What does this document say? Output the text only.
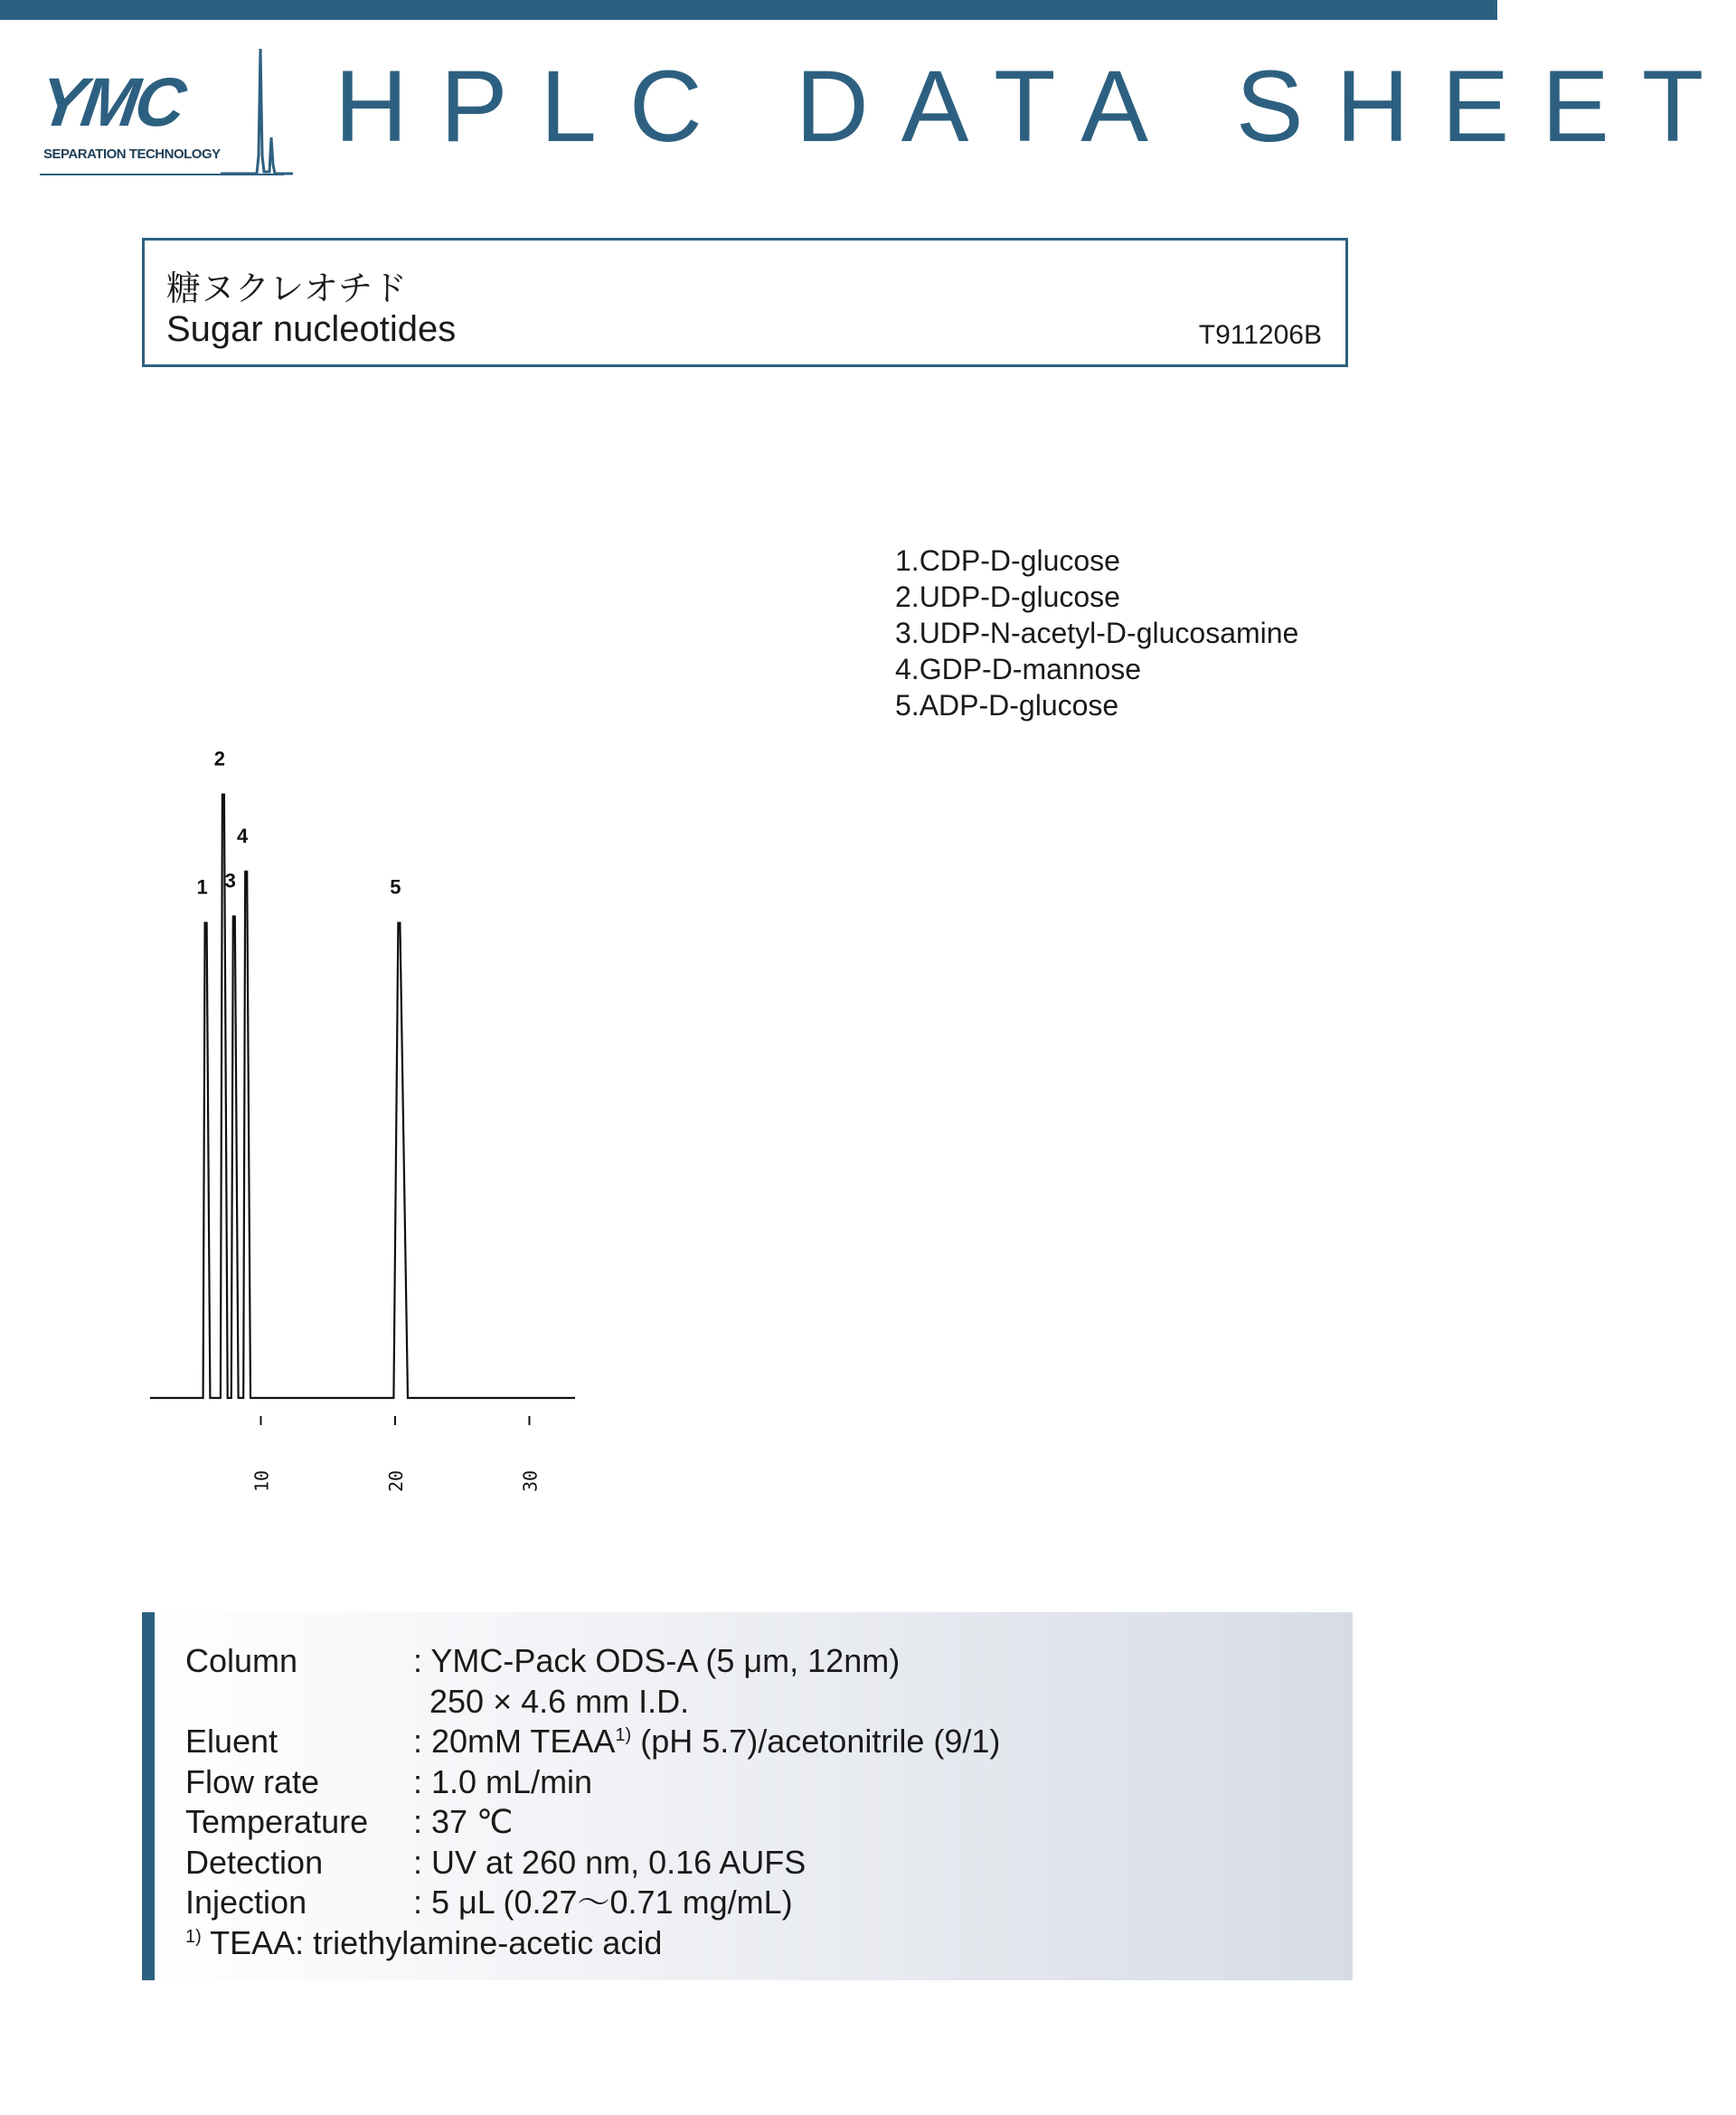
YMC
SEPARATION TECHNOLOGY HPLC DATA SHEET
糖ヌクレオチド
Sugar nucleotides	T911206B
1
2
3
4
5
10	20	30
1.CDP-D-glucose
2.UDP-D-glucose
3.UDP-N-acetyl-D-glucosamine
4.GDP-D-mannose
5.ADP-D-glucose
Column	: YMC-Pack ODS-A (5 μm, 12nm)
250 × 4.6 mm I.D.
Eluent	: 20mM TEAA$^{1)}$ (pH 5.7)/acetonitrile (9/1)
Flow rate	: 1.0 mL/min
Temperature	: 37 ℃
Detection	: UV at 260 nm, 0.16 AUFS
Injection	: 5 μL (0.27〜0.71 mg/mL)
$^{1)}$ TEAA: triethylamine-acetic acid
